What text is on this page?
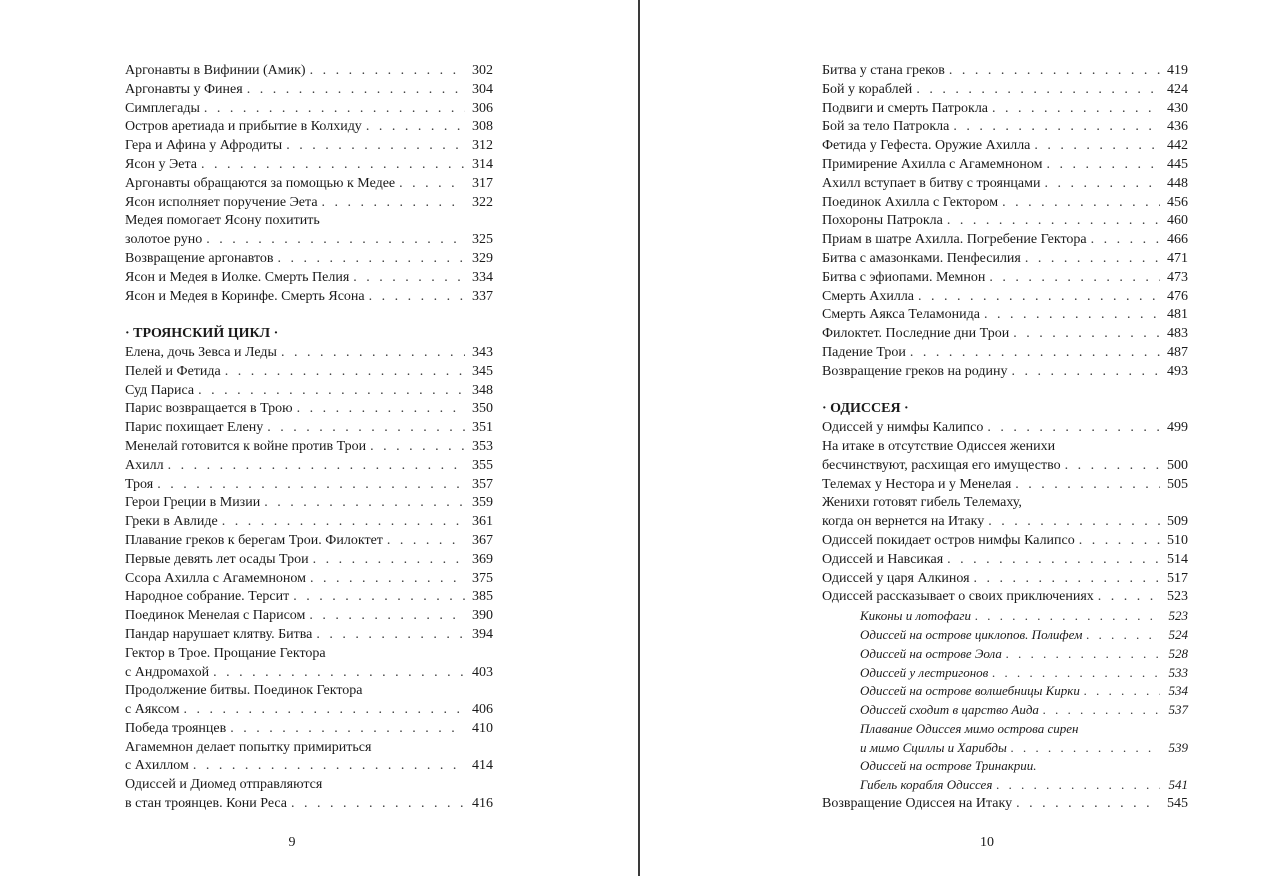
Аргонавты в Вифинии (Амик) . . .	302
Аргонавты у Финея . . .	304
Симплегады . . .	306
Остров аретиада и прибытие в Колхиду . . .	308
Гера и Афина у Афродиты . . .	312
Ясон у Эета . . .	314
Аргонавты обращаются за помощью к Медее . . .	317
Ясон исполняет поручение Эета . . .	322
Медея помогает Ясону похитить
золотое руно . . .	325
Возвращение аргонавтов . . .	329
Ясон и Медея в Иолке. Смерть Пелия . . .	334
Ясон и Медея в Коринфе. Смерть Ясона . . .	337
· ТРОЯНСКИЙ ЦИКЛ ·
Елена, дочь Зевса и Леды . . .	343
Пелей и Фетида . . .	345
Суд Париса . . .	348
Парис возвращается в Трою . . .	350
Парис похищает Елену . . .	351
Менелай готовится к войне против Трои . . .	353
Ахилл . . .	355
Троя . . .	357
Герои Греции в Мизии . . .	359
Греки в Авлиде . . .	361
Плавание греков к берегам Трои. Филоктет . . .	367
Первые девять лет осады Трои . . .	369
Ссора Ахилла с Агамемноном . . .	375
Народное собрание. Терсит . . .	385
Поединок Менелая с Парисом . . .	390
Пандар нарушает клятву. Битва . . .	394
Гектор в Трое. Прощание Гектора
с Андромахой . . .	403
Продолжение битвы. Поединок Гектора
с Аяксом . . .	406
Победа троянцев . . .	410
Агамемнон делает попытку примириться
с Ахиллом . . .	414
Одиссей и Диомед отправляются
в стан троянцев. Кони Реса . . .	416
9
Битва у стана греков . . .	419
Бой у кораблей . . .	424
Подвиги и смерть Патрокла . . .	430
Бой за тело Патрокла . . .	436
Фетида у Гефеста. Оружие Ахилла . . .	442
Примирение Ахилла с Агамемноном . . .	445
Ахилл вступает в битву с троянцами . . .	448
Поединок Ахилла с Гектором . . .	456
Похороны Патрокла . . .	460
Приам в шатре Ахилла. Погребение Гектора . . .	466
Битва с амазонками. Пенфесилия . . .	471
Битва с эфиопами. Мемнон . . .	473
Смерть Ахилла . . .	476
Смерть Аякса Теламонида . . .	481
Филоктет. Последние дни Трои . . .	483
Падение Трои . . .	487
Возвращение греков на родину . . .	493
· ОДИССЕЯ ·
Одиссей у нимфы Калипсо . . .	499
На итаке в отсутствие Одиссея женихи
бесчинствуют, расхищая его имущество . . .	500
Телемах у Нестора и у Менелая . . .	505
Женихи готовят гибель Телемаху,
когда он вернется на Итаку . . .	509
Одиссей покидает остров нимфы Калипсо . . .	510
Одиссей и Навсикая . . .	514
Одиссей у царя Алкиноя . . .	517
Одиссей рассказывает о своих приключениях . . .	523
Киконы и лотофаги . . .	523
Одиссей на острове циклопов. Полифем . . .	524
Одиссей на острове Эола . . .	528
Одиссей у лестригонов . . .	533
Одиссей на острове волшебницы Кирки . . .	534
Одиссей сходит в царство Аида . . .	537
Плавание Одиссея мимо острова сирен
и мимо Сциллы и Харибды . . .	539
Одиссей на острове Тринакрии.
Гибель корабля Одиссея . . .	541
Возвращение Одиссея на Итаку . . .	545
10
